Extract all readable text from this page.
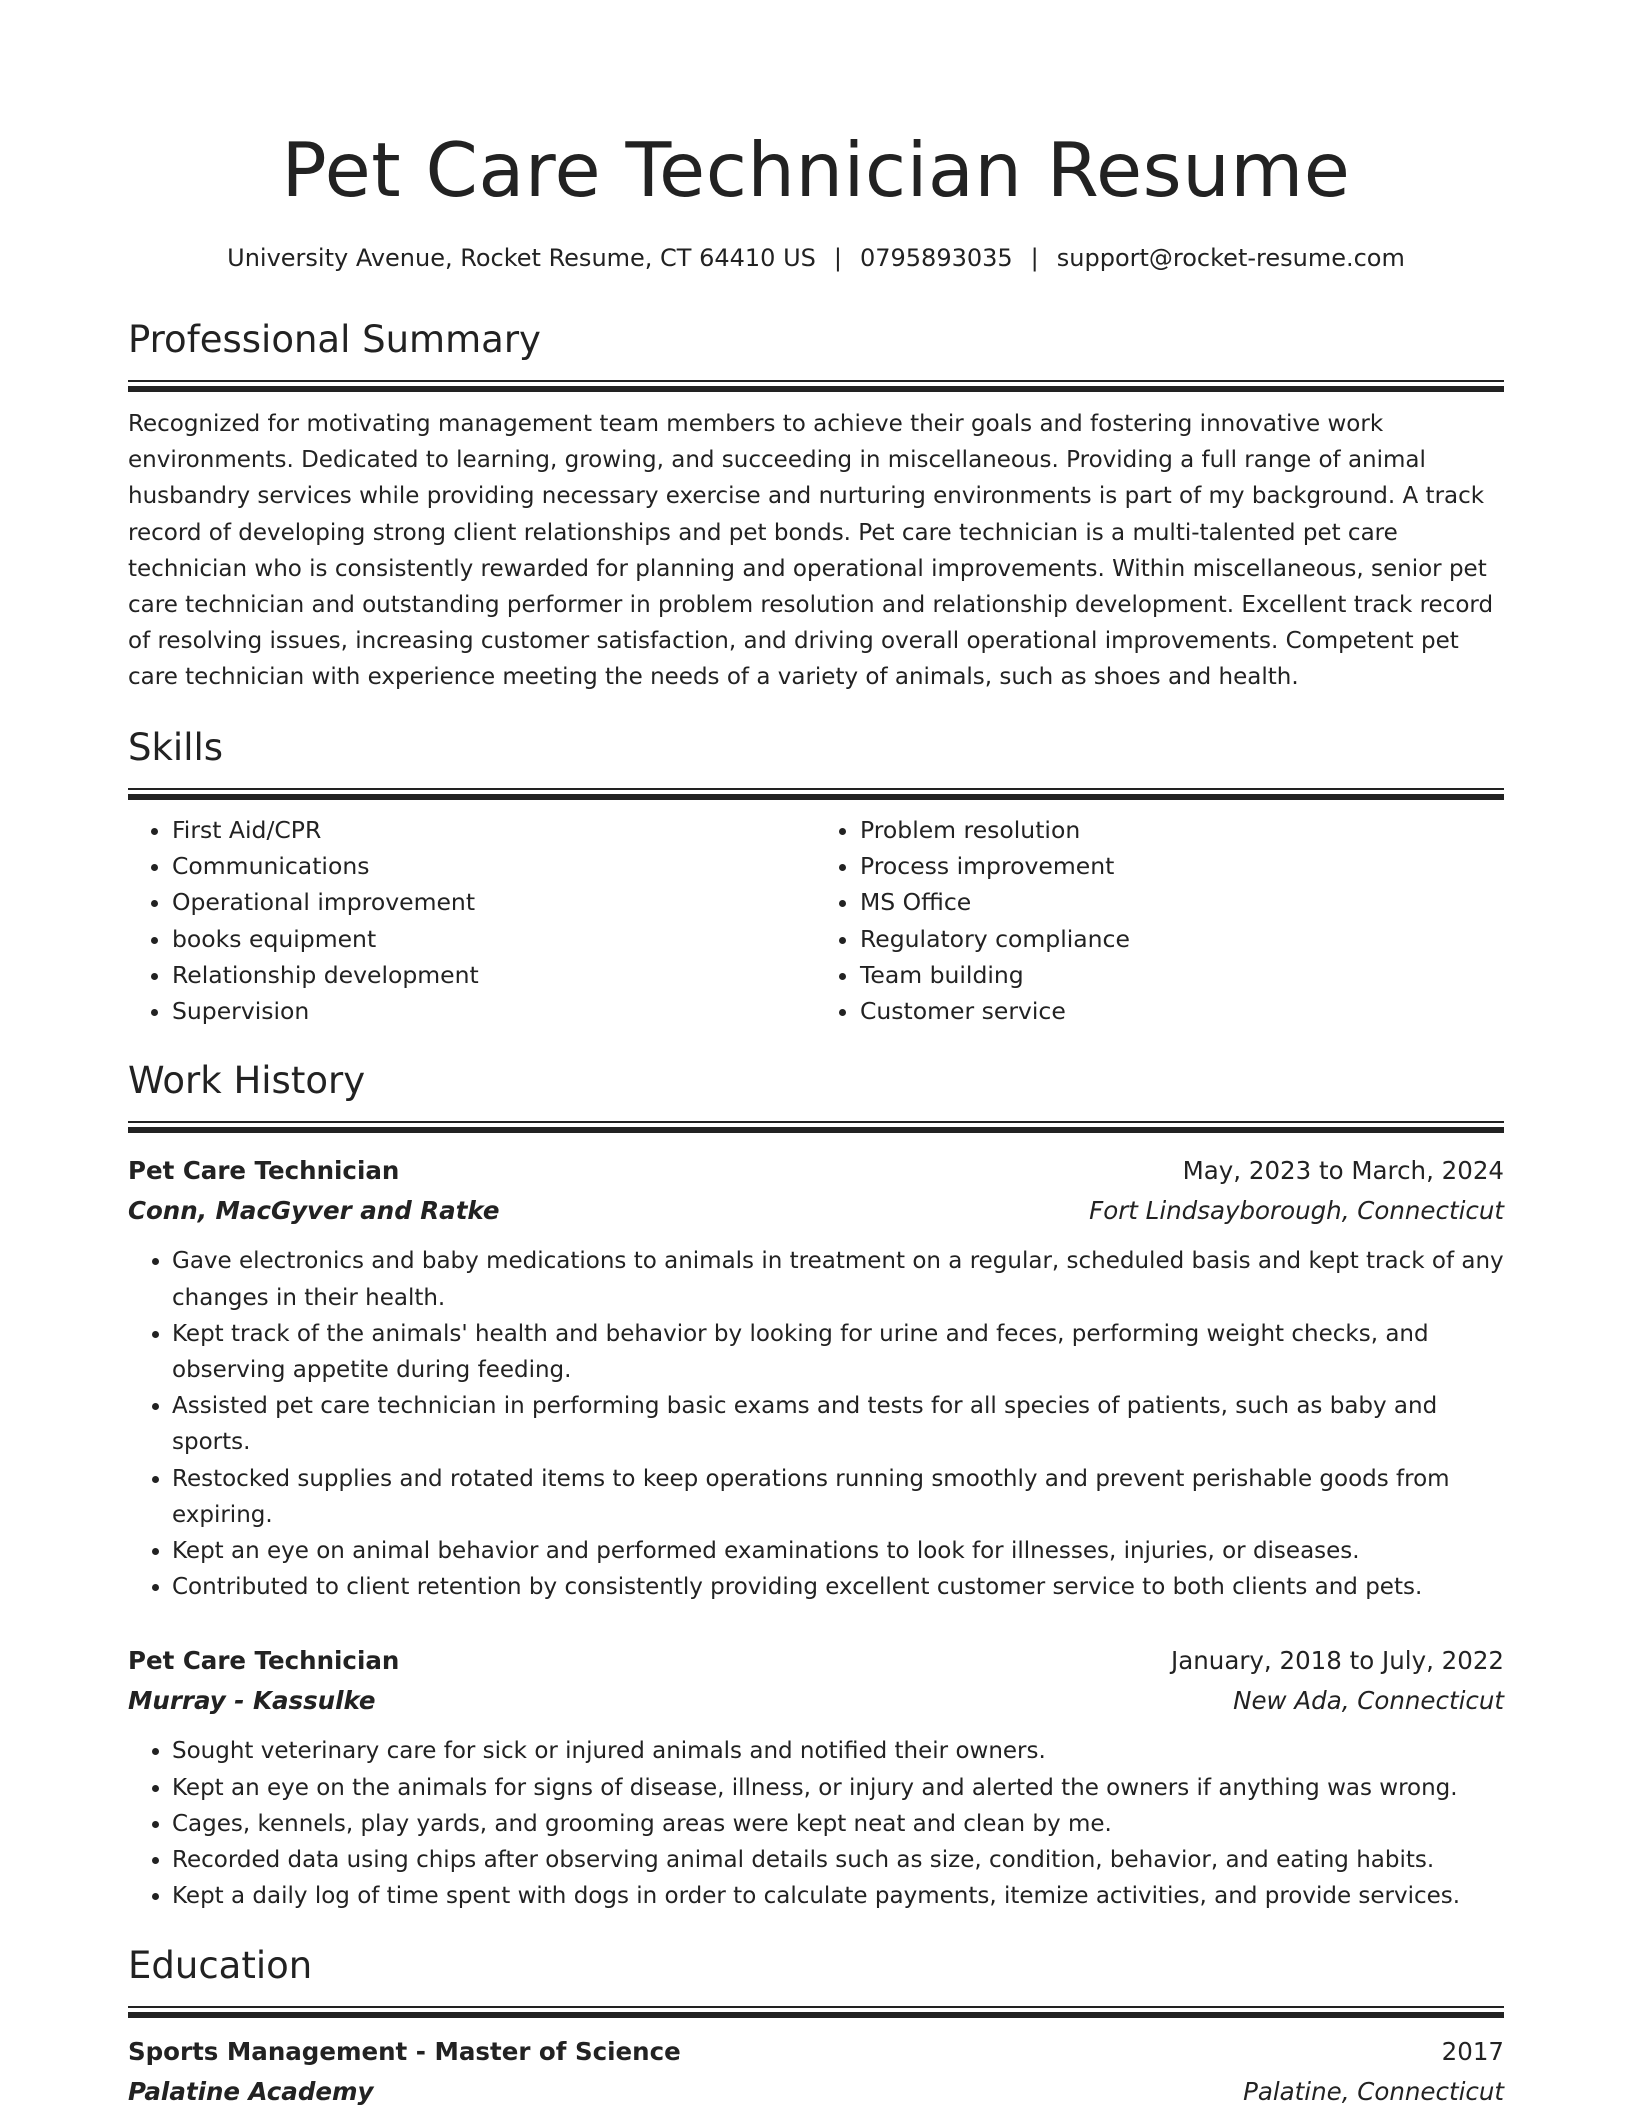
Pet Care Technician Resume
University Avenue, Rocket Resume, CT 64410 US | 0795893035 | support@rocket-resume.com
Professional Summary
Recognized for motivating management team members to achieve their goals and fostering innovative work environments. Dedicated to learning, growing, and succeeding in miscellaneous. Providing a full range of animal husbandry services while providing necessary exercise and nurturing environments is part of my background. A track record of developing strong client relationships and pet bonds. Pet care technician is a multi-talented pet care technician who is consistently rewarded for planning and operational improvements. Within miscellaneous, senior pet care technician and outstanding performer in problem resolution and relationship development. Excellent track record of resolving issues, increasing customer satisfaction, and driving overall operational improvements. Competent pet care technician with experience meeting the needs of a variety of animals, such as shoes and health.
Skills
• First Aid/CPR
• Communications
• Operational improvement
• books equipment
• Relationship development
• Supervision
• Problem resolution
• Process improvement
• MS Office
• Regulatory compliance
• Team building
• Customer service
Work History
Pet Care Technician	May, 2023 to March, 2024
Conn, MacGyver and Ratke	Fort Lindsayborough, Connecticut
• Gave electronics and baby medications to animals in treatment on a regular, scheduled basis and kept track of any changes in their health.
• Kept track of the animals' health and behavior by looking for urine and feces, performing weight checks, and observing appetite during feeding.
• Assisted pet care technician in performing basic exams and tests for all species of patients, such as baby and sports.
• Restocked supplies and rotated items to keep operations running smoothly and prevent perishable goods from expiring.
• Kept an eye on animal behavior and performed examinations to look for illnesses, injuries, or diseases.
• Contributed to client retention by consistently providing excellent customer service to both clients and pets.
Pet Care Technician	January, 2018 to July, 2022
Murray - Kassulke	New Ada, Connecticut
• Sought veterinary care for sick or injured animals and notified their owners.
• Kept an eye on the animals for signs of disease, illness, or injury and alerted the owners if anything was wrong.
• Cages, kennels, play yards, and grooming areas were kept neat and clean by me.
• Recorded data using chips after observing animal details such as size, condition, behavior, and eating habits.
• Kept a daily log of time spent with dogs in order to calculate payments, itemize activities, and provide services.
Education
Sports Management - Master of Science	2017
Palatine Academy	Palatine, Connecticut
